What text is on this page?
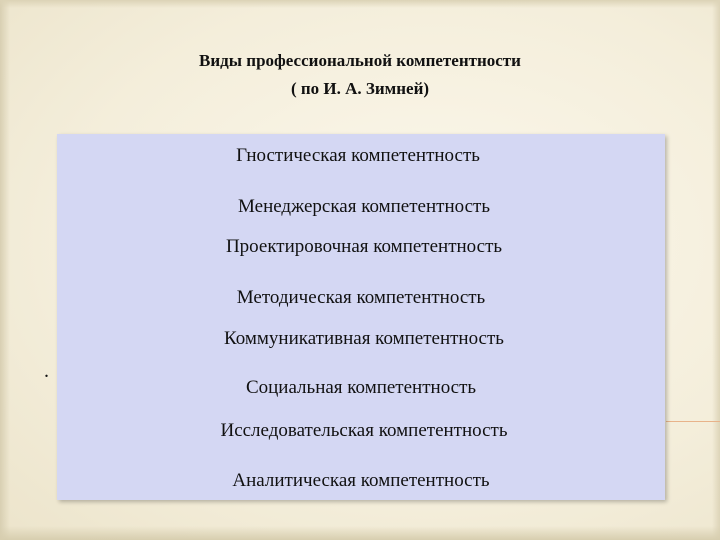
Виды профессиональной компетентности
( по И. А. Зимней)
.
Гностическая компетентность
Менеджерская компетентность
Проектировочная компетентность
Методическая компетентность
Коммуникативная компетентность
Социальная компетентность
Исследовательская компетентность
Аналитическая компетентность
